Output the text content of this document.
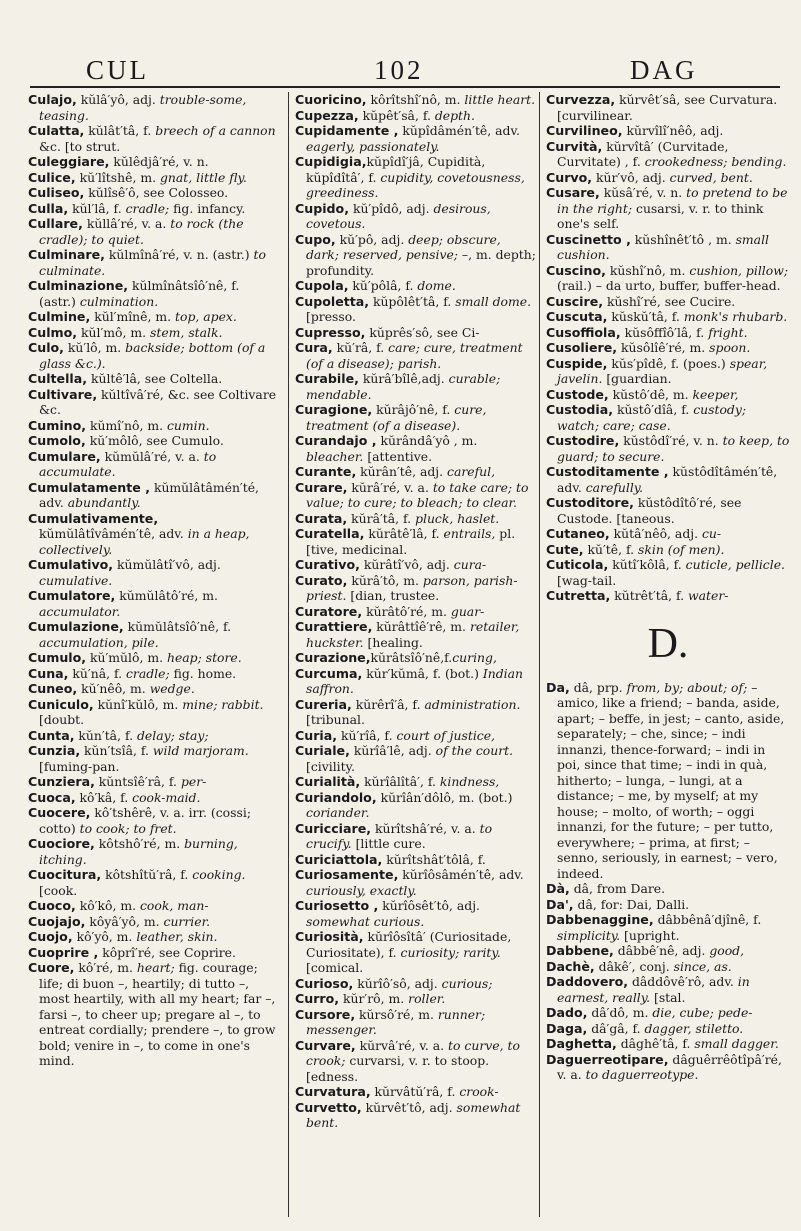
CUL	102	DAG

Culajo, kŭlâ′yô, adj. trouble-some, teasing.

Culatta, kŭlât′tâ, f. breech of a cannon &c. [to strut.

Culeggiare, kŭlêdjâ′ré, v. n.

Culice, kŭ′lîtshê, m. gnat, little fly.

Culiseo, kŭlîsê′ô, see Colosseo.

Culla, kŭl′lâ, f. cradle; fig. infancy.

Cullare, kŭllâ′ré, v. a. to rock (the cradle); to quiet.

Culminare, kŭlmînâ′ré, v. n. (astr.) to culminate.

Culminazione, kŭlmînâtsîô′nê, f. (astr.) culmination.

Culmine, kŭl′mînê, m. top, apex.

Culmo, kŭl′mô, m. stem, stalk.

Culo, kŭ′lô, m. backside; bottom (of a glass &c.).

Cultella, kŭltê′lâ, see Coltella.

Cultivare, kŭltîvâ′ré, &c. see Coltivare &c.

Cumino, kŭmî′nô, m. cumin.

Cumolo, kŭ′môlô, see Cumulo.

Cumulare, kŭmŭlâ′ré, v. a. to accumulate.

Cumulatamente , kŭmŭlâtâmén′té, adv. abundantly.

Cumulativamente, kŭmŭlâtîvâmén′tê, adv. in a heap, collectively.

Cumulativo, kŭmŭlâtî′vô, adj. cumulative.

Cumulatore, kŭmŭlâtô′ré, m. accumulator.

Cumulazione, kŭmŭlâtsîô′nê, f. accumulation, pile.

Cumulo, kŭ′mŭlô, m. heap; store.

Cuna, kŭ′nâ, f. cradle; fig. home.

Cuneo, kŭ′nêô, m. wedge.

Cuniculo, kŭnî′kŭlô, m. mine; rabbit. [doubt.

Cunta, kŭn′tâ, f. delay; stay;

Cunzia, kŭn′tsîâ, f. wild marjoram. [fuming-pan.

Cunziera, kŭntsîê′râ, f. per-

Cuoca, kô′kâ, f. cook-maid.

Cuocere, kô′tshêrê, v. a. irr. (cossi; cotto) to cook; to fret.

Cuociore, kôtshô′ré, m. burning, itching.

Cuocitura, kôtshîtŭ′râ, f. cooking. [cook.

Cuoco, kô′kô, m. cook, man-

Cuojajo, kôyâ′yô, m. currier.

Cuojo, kô′yô, m. leather, skin.

Cuoprire , kôprî′ré, see Coprire.

Cuore, kô′ré, m. heart; fig. courage; life; di buon –, heartily; di tutto –, most heartily, with all my heart; far –, farsi –, to cheer up; pregare al –, to entreat cordially; prendere –, to grow bold; venire in –, to come in one's mind.

Cuoricino, kôrîtshî′nô, m. little heart.

Cupezza, kŭpêt′sâ, f. depth.

Cupidamente , kŭpîdâmén′tê, adv. eagerly, passionately.

Cupidigia,kŭpîdî′jâ, Cupidità, kŭpîdîtâ′, f. cupidity, covetousness, greediness.

Cupido, kŭ′pîdô, adj. desirous, covetous.

Cupo, kŭ′pô, adj. deep; obscure, dark; reserved, pensive; –, m. depth; profundity.

Cupola, kŭ′pôlâ, f. dome.

Cupoletta, kŭpôlêt′tâ, f. small dome. [presso.

Cupresso, kŭprês′sô, see Ci-

Cura, kŭ′râ, f. care; cure, treatment (of a disease); parish.

Curabile, kŭrâ′bîlê,adj. curable; mendable.

Curagione, kŭrâjô′nê, f. cure, treatment (of a disease).

Curandajo , kŭrândâ′yô , m. bleacher. [attentive.

Curante, kŭrân′tê, adj. careful,

Curare, kŭrâ′ré, v. a. to take care; to value; to cure; to bleach; to clear.

Curata, kŭrâ′tâ, f. pluck, haslet.

Curatella, kŭrâtê′lâ, f. entrails, pl. [tive, medicinal.

Curativo, kŭrâtî′vô, adj. cura-

Curato, kŭrâ′tô, m. parson, parish-priest. [dian, trustee.

Curatore, kŭrâtô′ré, m. guar-

Curattiere, kŭrâttîê′rê, m. retailer, huckster. [healing.

Curazione,kŭrâtsîô′nê,f.curing,

Curcuma, kŭr′kŭmâ, f. (bot.) Indian saffron.

Cureria, kŭrêrî′â, f. administration. [tribunal.

Curia, kŭ′rîâ, f. court of justice,

Curiale, kŭrîâ′lê, adj. of the court. [civility.

Curialità, kŭrîâlîtâ′, f. kindness,

Curiandolo, kŭrîân′dôlô, m. (bot.) coriander.

Curicciare, kŭrîtshâ′ré, v. a. to crucify. [little cure.

Curiciattola, kŭrîtshât′tôlâ, f.

Curiosamente, kŭrîôsâmén′tê, adv. curiously, exactly.

Curiosetto , kŭrîôsêt′tô, adj. somewhat curious.

Curiosità, kŭrîôsîtâ′ (Curiositade, Curiositate), f. curiosity; rarity. [comical.

Curioso, kŭrîô′sô, adj. curious;

Curro, kŭr′rô, m. roller.

Cursore, kŭrsô′ré, m. runner; messenger.

Curvare, kŭrvâ′ré, v. a. to curve, to crook; curvarsi, v. r. to stoop. [edness.

Curvatura, kŭrvâtŭ′râ, f. crook-

Curvetto, kŭrvêt′tô, adj. somewhat bent.

Curvezza, kŭrvêt′sâ, see Curvatura. [curvilinear.

Curvilineo, kŭrvîlî′nêô, adj.

Curvità, kŭrvîtâ′ (Curvitade, Curvitate) , f. crookedness; bending.

Curvo, kŭr′vô, adj. curved, bent.

Cusare, kŭsâ′ré, v. n. to pretend to be in the right; cusarsi, v. r. to think one's self.

Cuscinetto , kŭshînêt′tô , m. small cushion.

Cuscino, kŭshî′nô, m. cushion, pillow; (rail.) – da urto, buffer, buffer-head.

Cuscire, kŭshî′ré, see Cucire.

Cuscuta, kŭskŭ′tâ, f. monk's rhubarb.

Cusoffiola, kŭsôffîô′lâ, f. fright.

Cusoliere, kŭsôlîê′ré, m. spoon.

Cuspide, kŭs′pîdê, f. (poes.) spear, javelin. [guardian.

Custode, kŭstô′dê, m. keeper,

Custodia, kŭstô′dîâ, f. custody; watch; care; case.

Custodire, kŭstôdî′ré, v. n. to keep, to guard; to secure.

Custoditamente , kŭstôdîtâmén′tê, adv. carefully.

Custoditore, kŭstôdîtô′ré, see Custode. [taneous.

Cutaneo, kŭtâ′nêô, adj. cu-

Cute, kŭ′tê, f. skin (of men).

Cuticola, kŭtî′kôlâ, f. cuticle, pellicle. [wag-tail.

Cutretta, kŭtrêt′tâ, f. water-

D.

Da, dâ, prp. from, by; about; of; – amico, like a friend; – banda, aside, apart; – beffe, in jest; – canto, aside, separately; – che, since; – indi innanzi, thence-forward; – indi in poi, since that time; – indi in quà, hitherto; – lunga, – lungi, at a distance; – me, by myself; at my house; – molto, of worth; – oggi innanzi, for the future; – per tutto, everywhere; – prima, at first; – senno, seriously, in earnest; – vero, indeed.

Dà, dâ, from Dare.

Da', dâ, for: Dai, Dalli.

Dabbenaggine, dâbbênâ′djînê, f. simplicity. [upright.

Dabbene, dâbbê′nê, adj. good,

Dachè, dâkê′, conj. since, as.

Daddovero, dâddôvê′rô, adv. in earnest, really. [stal.

Dado, dâ′dô, m. die, cube; pede-

Daga, dâ′gâ, f. dagger, stiletto.

Daghetta, dâghê′tâ, f. small dagger.

Daguerreotipare, dâguêrrêôtîpâ′ré, v. a. to daguerreotype.
